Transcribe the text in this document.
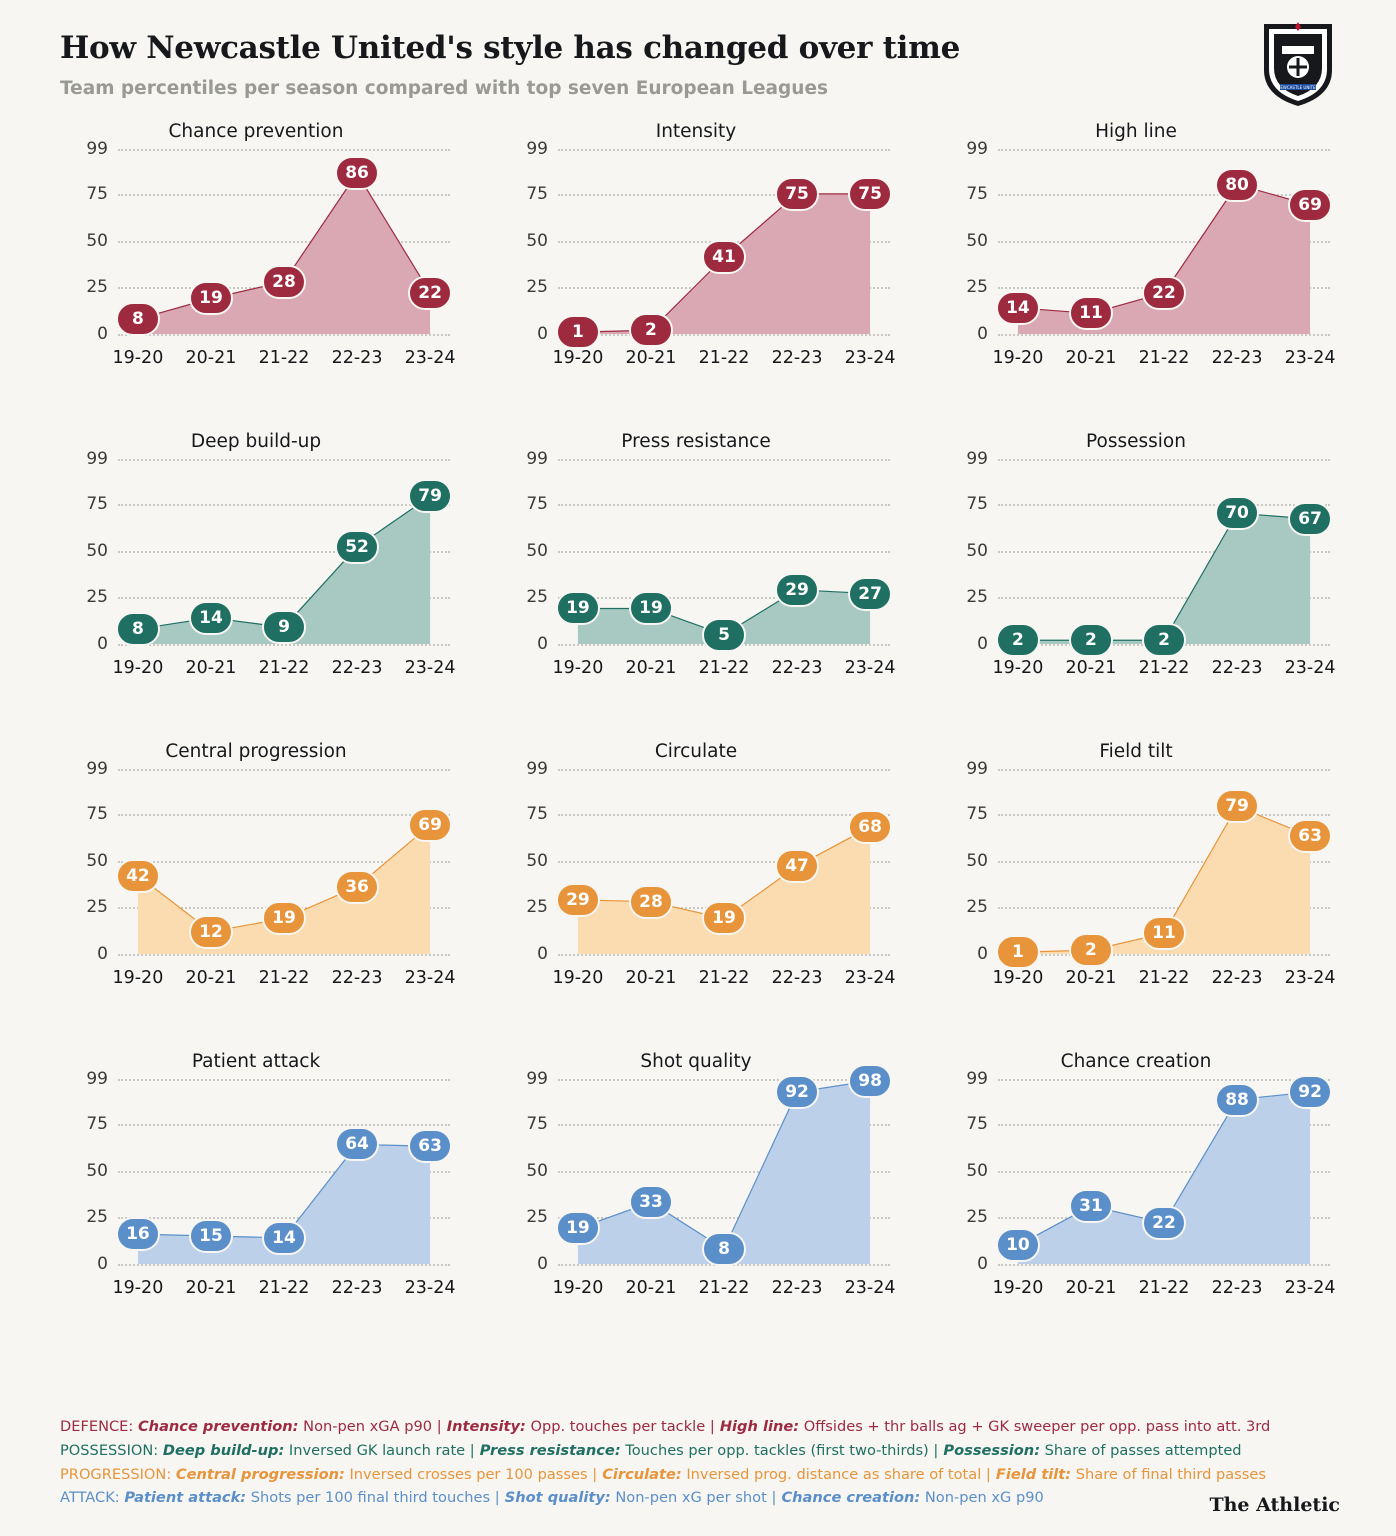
How Newcastle United's style has changed over time
Team percentiles per season compared with top seven European Leagues	NEWCASTLE UNITED
Chance prevention
0
25
50
75
99
8
19
28
86
22
19-20 20-21 21-22 22-23 23-24
Intensity
0
25
50
75
99
1	2
41
75	75
19-20 20-21 21-22 22-23 23-24
High line
0
25
50
75
99
14	11
22
80
69
19-20 20-21 21-22 22-23 23-24
Deep build-up
0
25
50
75
99
8
14	9
52
79
19-20 20-21 21-22 22-23 23-24
Press resistance
0
25
50
75
99
19	19
5
29	27
19-20 20-21 21-22 22-23 23-24
Possession
0
25
50
75
99
2	2	2
70	67
19-20 20-21 21-22 22-23 23-24
Central progression
0
25
50
75
99
42
12
19
36
69
19-20 20-21 21-22 22-23 23-24
Circulate
0
25
50
75
99
29	28
19
47
68
19-20 20-21 21-22 22-23 23-24
Field tilt
0
25
50
75
99
1	2
11
79
63
19-20 20-21 21-22 22-23 23-24
Patient attack
0
25
50
75
99
16	15	14
64	63
19-20 20-21 21-22 22-23 23-24
Shot quality
0
25
50
75
99
19
33
8
92
98
19-20 20-21 21-22 22-23 23-24
Chance creation
0
25
50
75
99
10
31
22
88	92
19-20 20-21 21-22 22-23 23-24
DEFENCE: Chance prevention: Non-pen xGA p90 | Intensity: Opp. touches per tackle | High line: Offsides + thr balls ag + GK sweeper per opp. pass into att. 3rd
POSSESSION: Deep build-up: Inversed GK launch rate | Press resistance: Touches per opp. tackles (first two-thirds) | Possession: Share of passes attempted
PROGRESSION: Central progression: Inversed crosses per 100 passes | Circulate: Inversed prog. distance as share of total | Field tilt: Share of final third passes
ATTACK: Patient attack: Shots per 100 final third touches | Shot quality: Non-pen xG per shot | Chance creation: Non-pen xG p90	The Athletic
